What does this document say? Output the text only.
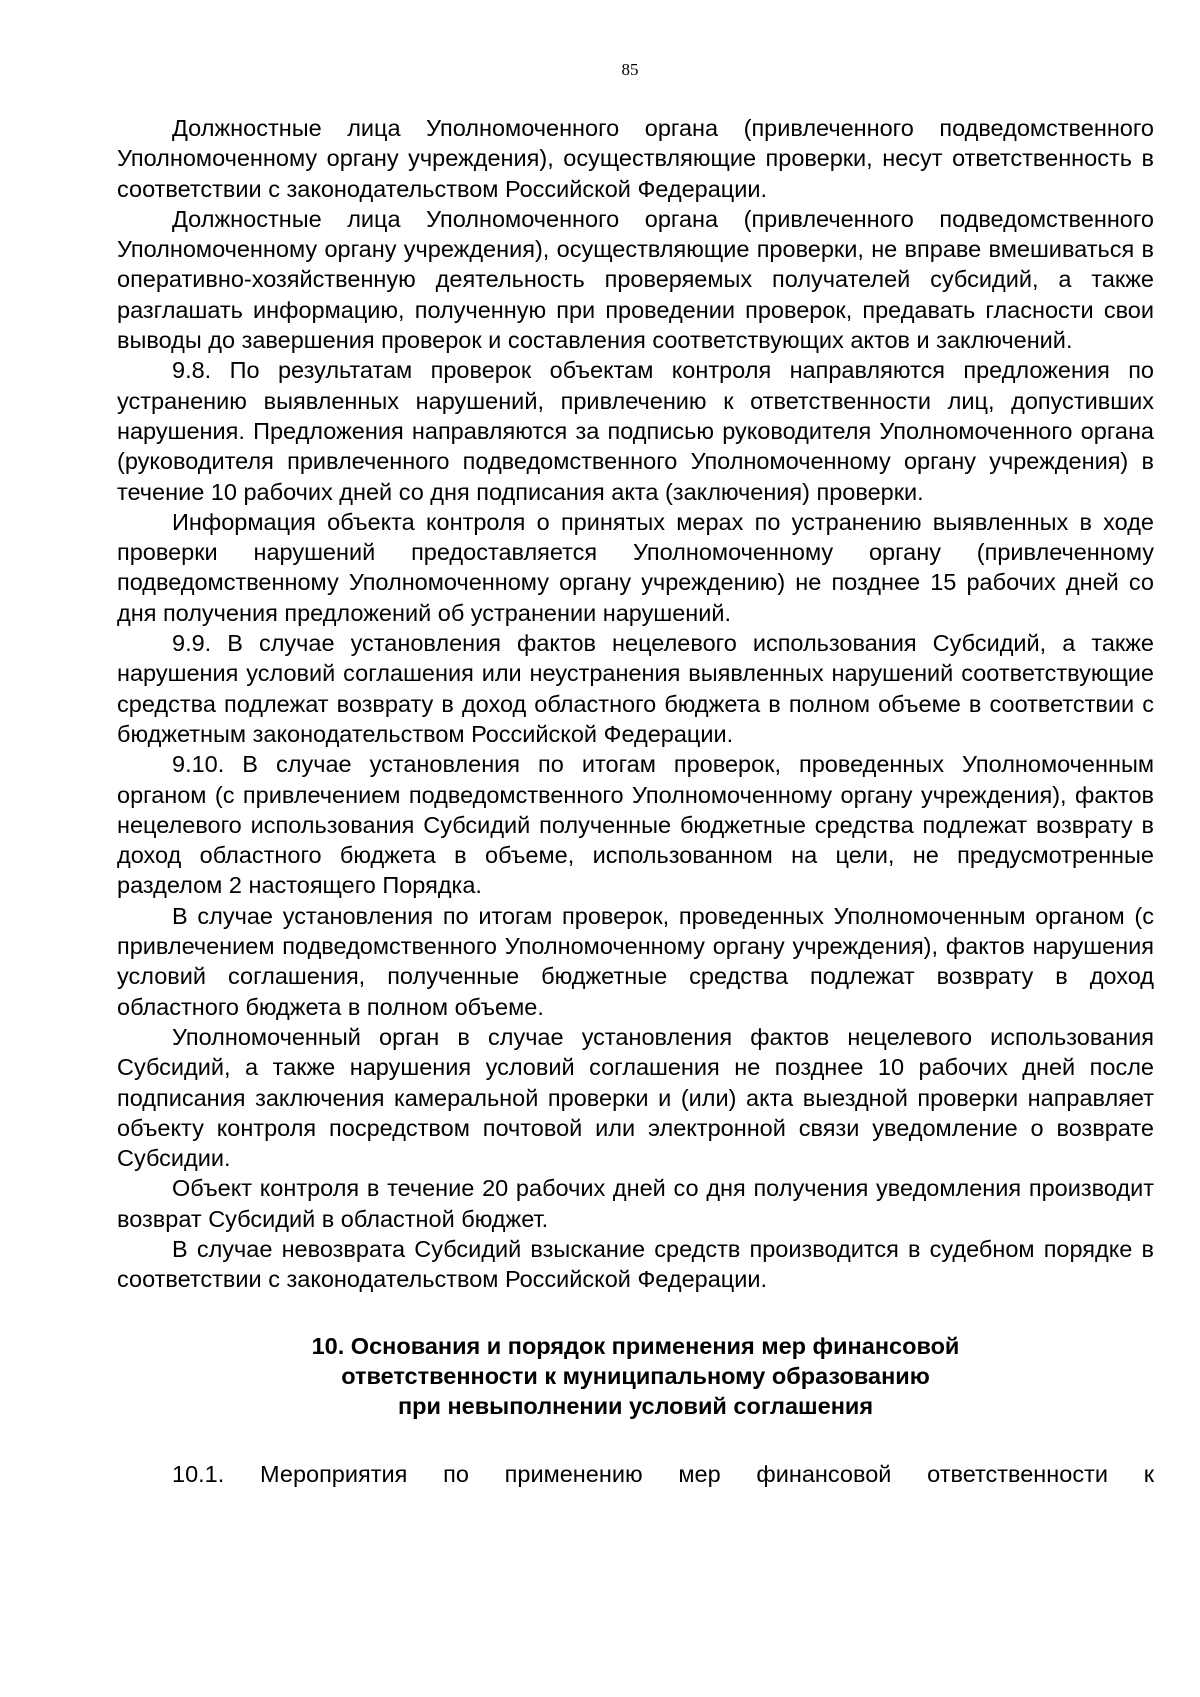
85

Должностные лица Уполномоченного органа (привлеченного подведомственного Уполномоченному органу учреждения), осуществляющие проверки, несут ответственность в соответствии с законодательством Российской Федерации.

Должностные лица Уполномоченного органа (привлеченного подведомственного Уполномоченному органу учреждения), осуществляющие проверки, не вправе вмешиваться в оперативно-хозяйственную деятельность проверяемых получателей субсидий, а также разглашать информацию, полученную при проведении проверок, предавать гласности свои выводы до завершения проверок и составления соответствующих актов и заключений.

9.8. По результатам проверок объектам контроля направляются предложения по устранению выявленных нарушений, привлечению к ответственности лиц, допустивших нарушения. Предложения направляются за подписью руководителя Уполномоченного органа (руководителя привлеченного подведомственного Уполномоченному органу учреждения) в течение 10 рабочих дней со дня подписания акта (заключения) проверки.

Информация объекта контроля о принятых мерах по устранению выявленных в ходе проверки нарушений предоставляется Уполномоченному органу (привлеченному подведомственному Уполномоченному органу учреждению) не позднее 15 рабочих дней со дня получения предложений об устранении нарушений.

9.9. В случае установления фактов нецелевого использования Субсидий, а также нарушения условий соглашения или неустранения выявленных нарушений соответствующие средства подлежат возврату в доход областного бюджета в полном объеме в соответствии с бюджетным законодательством Российской Федерации.

9.10. В случае установления по итогам проверок, проведенных Уполномоченным органом (с привлечением подведомственного Уполномоченному органу учреждения), фактов нецелевого использования Субсидий полученные бюджетные средства подлежат возврату в доход областного бюджета в объеме, использованном на цели, не предусмотренные разделом 2 настоящего Порядка.

В случае установления по итогам проверок, проведенных Уполномоченным органом (с привлечением подведомственного Уполномоченному органу учреждения), фактов нарушения условий соглашения, полученные бюджетные средства подлежат возврату в доход областного бюджета в полном объеме.

Уполномоченный орган в случае установления фактов нецелевого использования Субсидий, а также нарушения условий соглашения не позднее 10 рабочих дней после подписания заключения камеральной проверки и (или) акта выездной проверки направляет объекту контроля посредством почтовой или электронной связи уведомление о возврате Субсидии.

Объект контроля в течение 20 рабочих дней со дня получения уведомления производит возврат Субсидий в областной бюджет.

В случае невозврата Субсидий взыскание средств производится в судебном порядке в соответствии с законодательством Российской Федерации.

10. Основания и порядок применения мер финансовой
ответственности к муниципальному образованию
при невыполнении условий соглашения

10.1. Мероприятия по применению мер финансовой ответственности к
